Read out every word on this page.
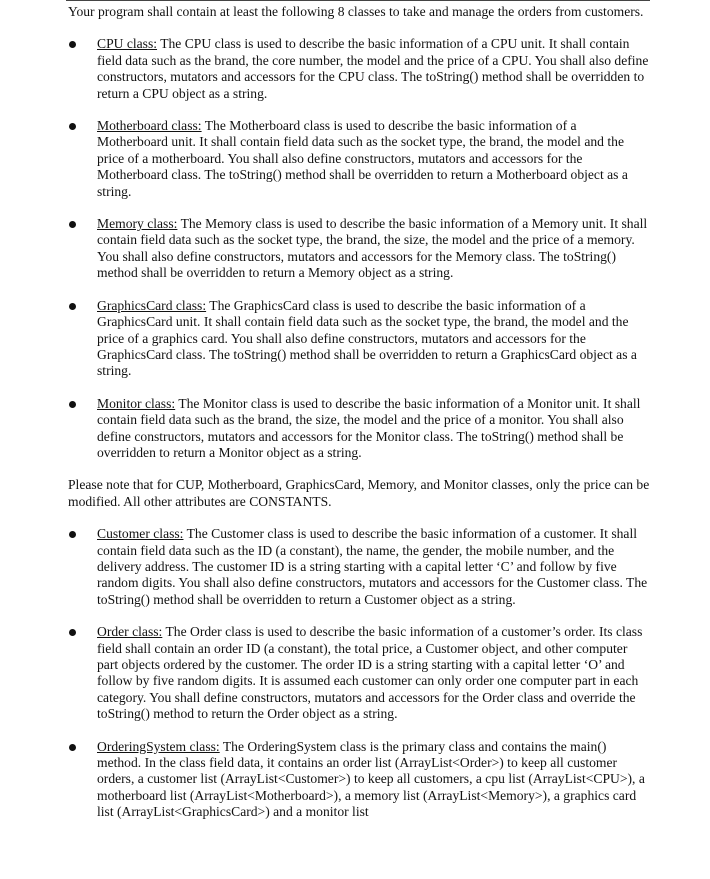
Your program shall contain at least the following 8 classes to take and manage the orders from customers.

CPU class: The CPU class is used to describe the basic information of a CPU unit. It shall contain field data such as the brand, the core number, the model and the price of a CPU. You shall also define constructors, mutators and accessors for the CPU class. The toString() method shall be overridden to return a CPU object as a string.
Motherboard class: The Motherboard class is used to describe the basic information of a Motherboard unit. It shall contain field data such as the socket type, the brand, the model and the price of a motherboard. You shall also define constructors, mutators and accessors for the Motherboard class. The toString() method shall be overridden to return a Motherboard object as a string.
Memory class: The Memory class is used to describe the basic information of a Memory unit. It shall contain field data such as the socket type, the brand, the size, the model and the price of a memory. You shall also define constructors, mutators and accessors for the Memory class. The toString() method shall be overridden to return a Memory object as a string.
GraphicsCard class: The GraphicsCard class is used to describe the basic information of a GraphicsCard unit. It shall contain field data such as the socket type, the brand, the model and the price of a graphics card. You shall also define constructors, mutators and accessors for the GraphicsCard class. The toString() method shall be overridden to return a GraphicsCard object as a string.
Monitor class: The Monitor class is used to describe the basic information of a Monitor unit. It shall contain field data such as the brand, the size, the model and the price of a monitor. You shall also define constructors, mutators and accessors for the Monitor class. The toString() method shall be overridden to return a Monitor object as a string.

Please note that for CUP, Motherboard, GraphicsCard, Memory, and Monitor classes, only the price can be modified. All other attributes are CONSTANTS.

Customer class: The Customer class is used to describe the basic information of a customer. It shall contain field data such as the ID (a constant), the name, the gender, the mobile number, and the delivery address. The customer ID is a string starting with a capital letter ‘C’ and follow by five random digits. You shall also define constructors, mutators and accessors for the Customer class. The toString() method shall be overridden to return a Customer object as a string.
Order class: The Order class is used to describe the basic information of a customer’s order. Its class field shall contain an order ID (a constant), the total price, a Customer object, and other computer part objects ordered by the customer. The order ID is a string starting with a capital letter ‘O’ and follow by five random digits. It is assumed each customer can only order one computer part in each category. You shall define constructors, mutators and accessors for the Order class and override the toString() method to return the Order object as a string.
OrderingSystem class: The OrderingSystem class is the primary class and contains the main() method. In the class field data, it contains an order list (ArrayList<Order>) to keep all customer orders, a customer list (ArrayList<Customer>) to keep all customers, a cpu list (ArrayList<CPU>), a motherboard list (ArrayList<Motherboard>), a memory list (ArrayList<Memory>), a graphics card list (ArrayList<GraphicsCard>) and a monitor list
